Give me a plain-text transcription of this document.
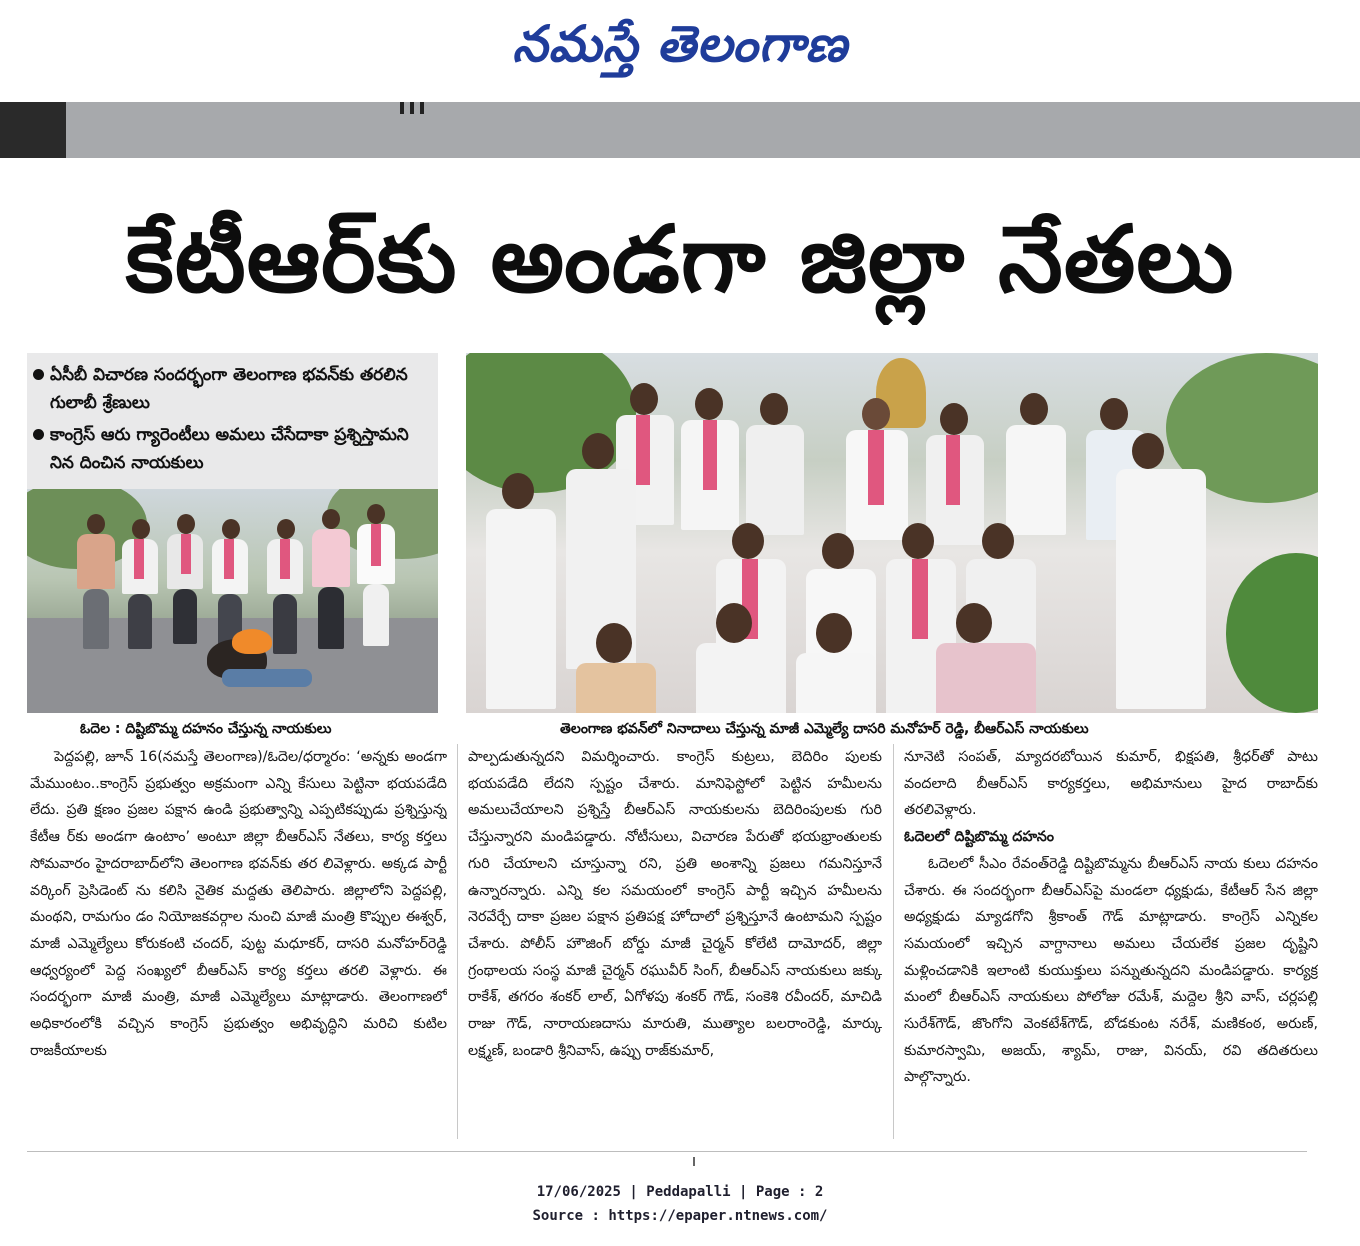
నమస్తే తెలంగాణ
కేటీఆర్‌కు అండగా జిల్లా నేతలు
ఏసీబీ విచారణ సందర్భంగా తెలంగాణ భవన్‌కు తరలిన గులాబీ శ్రేణులు
కాంగ్రెస్ ఆరు గ్యారెంటీలు అమలు చేసేదాకా ప్రశ్నిస్తామని నిన దించిన నాయకులు
ఓదెల : దిష్టిబొమ్మ దహనం చేస్తున్న నాయకులు	తెలంగాణ భవన్‌లో నినాదాలు చేస్తున్న మాజీ ఎమ్మెల్యే దాసరి మనోహర్ రెడ్డి, బీఆర్ఎస్ నాయకులు
పెద్దపల్లి, జూన్ 16(నమస్తే తెలంగాణ)/ఓదెల/ధర్మారం: ‘అన్నకు అండగా మేముంటం..కాంగ్రెస్ ప్రభుత్వం అక్రమంగా ఎన్ని కేసులు పెట్టినా భయపడేది లేదు. ప్రతి క్షణం ప్రజల పక్షాన ఉండి ప్రభుత్వాన్ని ఎప్పటికప్పుడు ప్రశ్నిస్తున్న కేటీఆ ర్‌కు అండగా ఉంటాం’ అంటూ జిల్లా బీఆర్ఎస్ నేతలు, కార్య కర్తలు సోమవారం హైదరాబాద్‌లోని తెలంగాణ భవన్‌కు తర లివెళ్లారు. అక్కడ పార్టీ వర్కింగ్ ప్రెసిడెంట్ ను కలిసి నైతిక మద్దతు తెలిపారు. జిల్లాలోని పెద్దపల్లి, మంథని, రామగుం డం నియోజకవర్గాల నుంచి మాజీ మంత్రి కొప్పుల ఈశ్వర్, మాజీ ఎమ్మెల్యేలు కోరుకంటి చందర్, పుట్ట మధూకర్, దాసరి మనోహర్‌రెడ్డి ఆధ్వర్యంలో పెద్ద సంఖ్యలో బీఆర్ఎస్ కార్య కర్తలు తరలి వెళ్లారు. ఈ సందర్భంగా మాజీ మంత్రి, మాజీ ఎమ్మెల్యేలు మాట్లాడారు. తెలంగాణలో అధికారంలోకి వచ్చిన కాంగ్రెస్ ప్రభుత్వం అభివృద్ధిని మరిచి కుటిల రాజకీయాలకు
పాల్పడుతున్నదని విమర్శించారు. కాంగ్రెస్ కుట్రలు, బెదిరిం పులకు భయపడేది లేదని స్పష్టం చేశారు. మానిఫెస్టోలో పెట్టిన హమీలను అమలుచేయాలని ప్రశ్నిస్తే బీఆర్ఎస్ నాయకులను బెదిరింపులకు గురి చేస్తున్నారని మండిపడ్డారు. నోటీసులు, విచారణ పేరుతో భయభ్రాంతులకు గురి చేయాలని చూస్తున్నా రని, ప్రతి అంశాన్ని ప్రజలు గమనిస్తూనే ఉన్నారన్నారు. ఎన్ని కల సమయంలో కాంగ్రెస్ పార్టీ ఇచ్చిన హమీలను నెరవేర్చే దాకా ప్రజల పక్షాన ప్రతిపక్ష హోదాలో ప్రశ్నిస్తూనే ఉంటామని స్పష్టం చేశారు. పోలీస్ హౌజింగ్ బోర్డు మాజీ చైర్మన్ కోలేటి దామోదర్, జిల్లా గ్రంథాలయ సంస్థ మాజీ చైర్మన్ రఘువీర్ సింగ్, బీఆర్ఎస్ నాయకులు జక్కు రాకేశ్, తగరం శంకర్ లాల్, ఏగోళపు శంకర్ గౌడ్, సంకెశి రవీందర్, మాచిడి రాజు గౌడ్, నారాయణదాసు మారుతి, ముత్యాల బలరాంరెడ్డి, మార్కు లక్ష్మణ్, బండారి శ్రీనివాస్, ఉప్పు రాజ్‌కుమార్,
నూనెటి సంపత్, మ్యాదరబోయిన కుమార్, భిక్షపతి, శ్రీధర్‌తో పాటు వందలాది బీఆర్ఎస్ కార్యకర్తలు, అభిమానులు హైద రాబాద్‌కు తరలివెళ్లారు.
ఓదెలలో దిష్టిబొమ్మ దహనం
ఓదెలలో సీఎం రేవంత్‌రెడ్డి దిష్టిబొమ్మను బీఆర్ఎస్ నాయ కులు దహనం చేశారు. ఈ సందర్భంగా బీఆర్ఎస్‌పై మండలా ధ్యక్షుడు, కేటీఆర్ సేన జిల్లా అధ్యక్షుడు మ్యాడగోని శ్రీకాంత్ గౌడ్ మాట్లాడారు. కాంగ్రెస్ ఎన్నికల సమయంలో ఇచ్చిన వాగ్దానాలు అమలు చేయలేక ప్రజల దృష్టిని మళ్లించడానికి ఇలాంటి కుయుక్తులు పన్నుతున్నదని మండిపడ్డారు. కార్యక్ర మంలో బీఆర్ఎస్ నాయకులు పోలోజు రమేశ్, మద్దెల శ్రీని వాస్, చర్లపల్లి సురేశ్‌గౌడ్, జొంగోని వెంకటేశ్‌గౌడ్, బోడకుంట నరేశ్, మణికంఠ, అరుణ్, కుమారస్వామి, అజయ్, శ్యామ్, రాజు, వినయ్, రవి తదితరులు పాల్గొన్నారు.
17/06/2025 | Peddapalli | Page : 2
Source : https://epaper.ntnews.com/
